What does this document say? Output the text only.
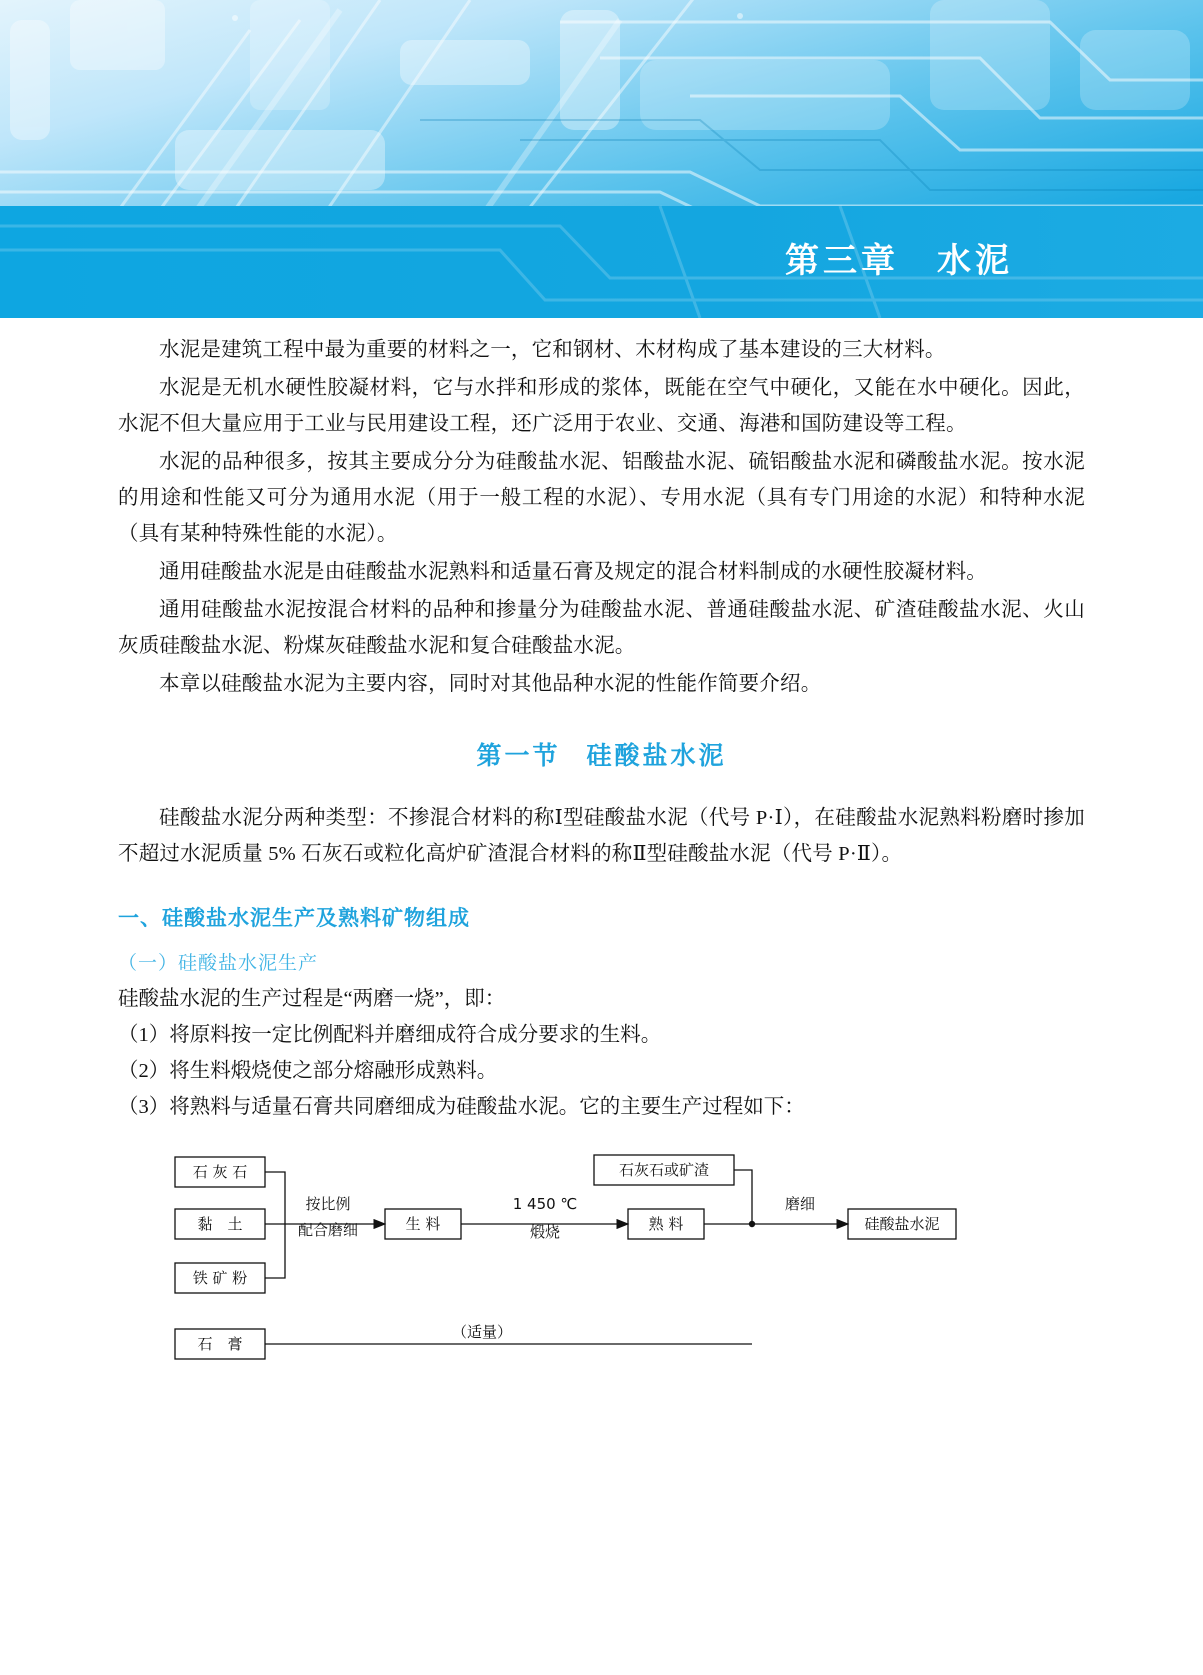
第三章 水泥

水泥是建筑工程中最为重要的材料之一，它和钢材、木材构成了基本建设的三大材料。

水泥是无机水硬性胶凝材料，它与水拌和形成的浆体，既能在空气中硬化，又能在水中硬化。因此，水泥不但大量应用于工业与民用建设工程，还广泛用于农业、交通、海港和国防建设等工程。

水泥的品种很多，按其主要成分分为硅酸盐水泥、铝酸盐水泥、硫铝酸盐水泥和磷酸盐水泥。按水泥的用途和性能又可分为通用水泥（用于一般工程的水泥）、专用水泥（具有专门用途的水泥）和特种水泥（具有某种特殊性能的水泥）。

通用硅酸盐水泥是由硅酸盐水泥熟料和适量石膏及规定的混合材料制成的水硬性胶凝材料。

通用硅酸盐水泥按混合材料的品种和掺量分为硅酸盐水泥、普通硅酸盐水泥、矿渣硅酸盐水泥、火山灰质硅酸盐水泥、粉煤灰硅酸盐水泥和复合硅酸盐水泥。

本章以硅酸盐水泥为主要内容，同时对其他品种水泥的性能作简要介绍。

第一节 硅酸盐水泥

硅酸盐水泥分两种类型：不掺混合材料的称Ⅰ型硅酸盐水泥（代号 P·Ⅰ），在硅酸盐水泥熟料粉磨时掺加不超过水泥质量 5% 石灰石或粒化高炉矿渣混合材料的称Ⅱ型硅酸盐水泥（代号 P·Ⅱ）。

一、硅酸盐水泥生产及熟料矿物组成
（一）硅酸盐水泥生产

硅酸盐水泥的生产过程是“两磨一烧”，即：

（1）将原料按一定比例配料并磨细成符合成分要求的生料。

（2）将生料煅烧使之部分熔融形成熟料。

（3）将熟料与适量石膏共同磨细成为硅酸盐水泥。它的主要生产过程如下：

石 灰 石
黏　土
铁 矿 粉
石　膏
生 料	熟 料
石灰石或矿渣
硅酸盐水泥
按比例
配合磨细
1 450 ℃
煅烧
磨细
（适量）
